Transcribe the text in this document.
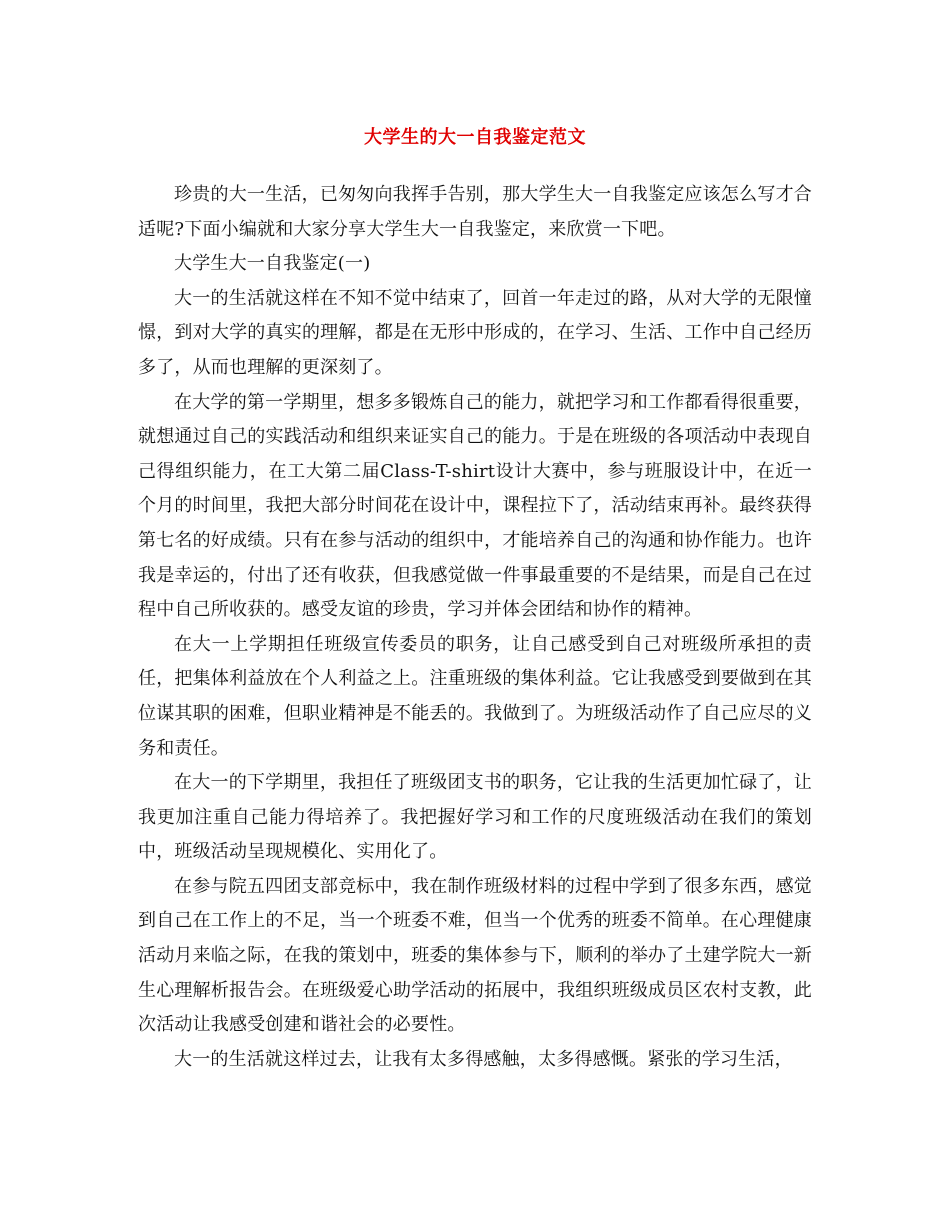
大学生的大一自我鉴定范文

珍贵的大一生活，已匆匆向我挥手告别，那大学生大一自我鉴定应该怎么写才合适呢?下面小编就和大家分享大学生大一自我鉴定，来欣赏一下吧。

大学生大一自我鉴定(一)

大一的生活就这样在不知不觉中结束了，回首一年走过的路，从对大学的无限憧憬，到对大学的真实的理解，都是在无形中形成的，在学习、生活、工作中自己经历多了，从而也理解的更深刻了。

在大学的第一学期里，想多多锻炼自己的能力，就把学习和工作都看得很重要，就想通过自己的实践活动和组织来证实自己的能力。于是在班级的各项活动中表现自己得组织能力，在工大第二届Class-T-shirt设计大赛中，参与班服设计中，在近一个月的时间里，我把大部分时间花在设计中，课程拉下了，活动结束再补。最终获得第七名的好成绩。只有在参与活动的组织中，才能培养自己的沟通和协作能力。也许我是幸运的，付出了还有收获，但我感觉做一件事最重要的不是结果，而是自己在过程中自己所收获的。感受友谊的珍贵，学习并体会团结和协作的精神。

在大一上学期担任班级宣传委员的职务，让自己感受到自己对班级所承担的责任，把集体利益放在个人利益之上。注重班级的集体利益。它让我感受到要做到在其位谋其职的困难，但职业精神是不能丢的。我做到了。为班级活动作了自己应尽的义务和责任。

在大一的下学期里，我担任了班级团支书的职务，它让我的生活更加忙碌了，让我更加注重自己能力得培养了。我把握好学习和工作的尺度班级活动在我们的策划中，班级活动呈现规模化、实用化了。

在参与院五四团支部竞标中，我在制作班级材料的过程中学到了很多东西，感觉到自己在工作上的不足，当一个班委不难，但当一个优秀的班委不简单。在心理健康活动月来临之际，在我的策划中，班委的集体参与下，顺利的举办了土建学院大一新生心理解析报告会。在班级爱心助学活动的拓展中，我组织班级成员区农村支教，此次活动让我感受创建和谐社会的必要性。

大一的生活就这样过去，让我有太多得感触，太多得感慨。紧张的学习生活，
